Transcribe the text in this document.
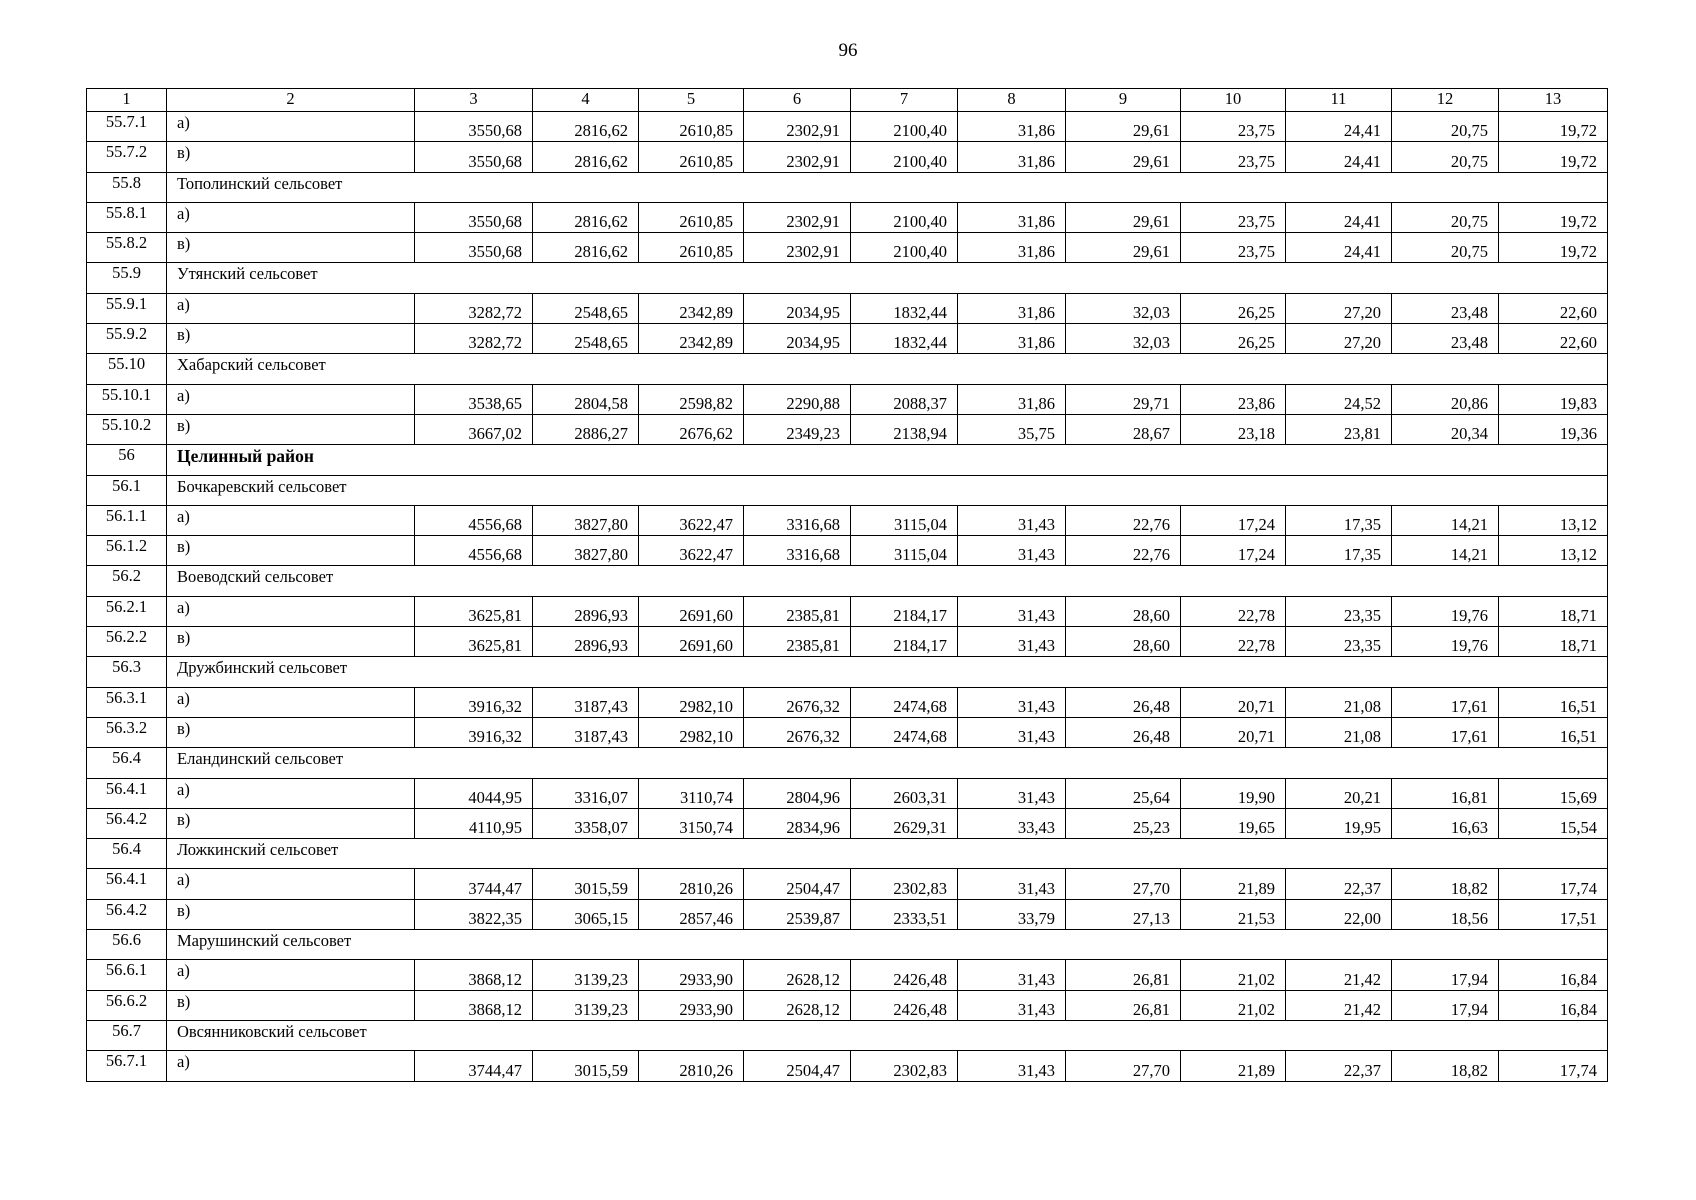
96
1	2	3	4	5	6	7	8	9	10	11	12	13
55.7.1	а)	3550,68	2816,62	2610,85	2302,91	2100,40	31,86	29,61	23,75	24,41	20,75	19,72
55.7.2	в)	3550,68	2816,62	2610,85	2302,91	2100,40	31,86	29,61	23,75	24,41	20,75	19,72
55.8	Тополинский сельсовет											
55.8.1	а)	3550,68	2816,62	2610,85	2302,91	2100,40	31,86	29,61	23,75	24,41	20,75	19,72
55.8.2	в)	3550,68	2816,62	2610,85	2302,91	2100,40	31,86	29,61	23,75	24,41	20,75	19,72
55.9	Утянский сельсовет											
55.9.1	а)	3282,72	2548,65	2342,89	2034,95	1832,44	31,86	32,03	26,25	27,20	23,48	22,60
55.9.2	в)	3282,72	2548,65	2342,89	2034,95	1832,44	31,86	32,03	26,25	27,20	23,48	22,60
55.10	Хабарский сельсовет											
55.10.1	а)	3538,65	2804,58	2598,82	2290,88	2088,37	31,86	29,71	23,86	24,52	20,86	19,83
55.10.2	в)	3667,02	2886,27	2676,62	2349,23	2138,94	35,75	28,67	23,18	23,81	20,34	19,36
56	Целинный район											
56.1	Бочкаревский сельсовет											
56.1.1	а)	4556,68	3827,80	3622,47	3316,68	3115,04	31,43	22,76	17,24	17,35	14,21	13,12
56.1.2	в)	4556,68	3827,80	3622,47	3316,68	3115,04	31,43	22,76	17,24	17,35	14,21	13,12
56.2	Воеводский сельсовет											
56.2.1	а)	3625,81	2896,93	2691,60	2385,81	2184,17	31,43	28,60	22,78	23,35	19,76	18,71
56.2.2	в)	3625,81	2896,93	2691,60	2385,81	2184,17	31,43	28,60	22,78	23,35	19,76	18,71
56.3	Дружбинский сельсовет											
56.3.1	а)	3916,32	3187,43	2982,10	2676,32	2474,68	31,43	26,48	20,71	21,08	17,61	16,51
56.3.2	в)	3916,32	3187,43	2982,10	2676,32	2474,68	31,43	26,48	20,71	21,08	17,61	16,51
56.4	Еландинский сельсовет											
56.4.1	а)	4044,95	3316,07	3110,74	2804,96	2603,31	31,43	25,64	19,90	20,21	16,81	15,69
56.4.2	в)	4110,95	3358,07	3150,74	2834,96	2629,31	33,43	25,23	19,65	19,95	16,63	15,54
56.4	Ложкинский сельсовет											
56.4.1	а)	3744,47	3015,59	2810,26	2504,47	2302,83	31,43	27,70	21,89	22,37	18,82	17,74
56.4.2	в)	3822,35	3065,15	2857,46	2539,87	2333,51	33,79	27,13	21,53	22,00	18,56	17,51
56.6	Марушинский сельсовет											
56.6.1	а)	3868,12	3139,23	2933,90	2628,12	2426,48	31,43	26,81	21,02	21,42	17,94	16,84
56.6.2	в)	3868,12	3139,23	2933,90	2628,12	2426,48	31,43	26,81	21,02	21,42	17,94	16,84
56.7	Овсянниковский сельсовет											
56.7.1	а)	3744,47	3015,59	2810,26	2504,47	2302,83	31,43	27,70	21,89	22,37	18,82	17,74
